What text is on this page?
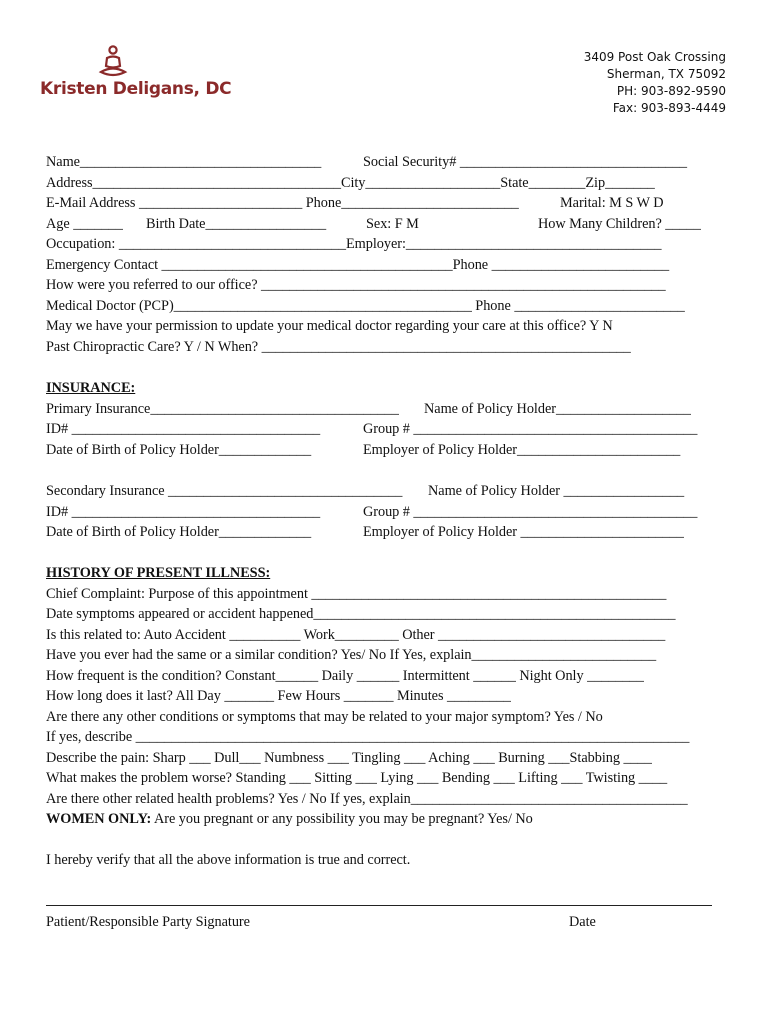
Kristen Deligans, DC
3409 Post Oak Crossing
Sherman, TX 75092
PH: 903-892-9590
Fax: 903-893-4449
Name__________________________________	Social Security# ________________________________
Address___________________________________City___________________State________Zip_______
E-Mail Address _______________________ Phone_________________________	Marital: M S W D
Age _______ Birth Date_________________	Sex: F M	How Many Children? _____
Occupation: ________________________________Employer:____________________________________
Emergency Contact _________________________________________Phone _________________________
How were you referred to our office? _________________________________________________________
Medical Doctor (PCP)__________________________________________ Phone ________________________
May we have your permission to update your medical doctor regarding your care at this office? Y N
Past Chiropractic Care? Y / N When? ____________________________________________________
INSURANCE:
Primary Insurance___________________________________ Name of Policy Holder___________________
ID# ___________________________________	Group # ________________________________________
Date of Birth of Policy Holder_____________	Employer of Policy Holder_______________________
Secondary Insurance _________________________________ Name of Policy Holder _________________
ID# ___________________________________	Group # ________________________________________
Date of Birth of Policy Holder_____________	Employer of Policy Holder _______________________
HISTORY OF PRESENT ILLNESS:
Chief Complaint: Purpose of this appointment __________________________________________________
Date symptoms appeared or accident happened___________________________________________________
Is this related to: Auto Accident __________ Work_________ Other ________________________________
Have you ever had the same or a similar condition? Yes/ No If Yes, explain__________________________
How frequent is the condition? Constant______ Daily ______ Intermittent ______ Night Only ________
How long does it last? All Day _______ Few Hours _______ Minutes _________
Are there any other conditions or symptoms that may be related to your major symptom? Yes / No
If yes, describe ______________________________________________________________________________
Describe the pain: Sharp ___ Dull___ Numbness ___ Tingling ___ Aching ___ Burning ___Stabbing ____
What makes the problem worse? Standing ___ Sitting ___ Lying ___ Bending ___ Lifting ___ Twisting ____
Are there other related health problems? Yes / No If yes, explain_______________________________________
WOMEN ONLY: Are you pregnant or any possibility you may be pregnant? Yes/ No
I hereby verify that all the above information is true and correct.
Patient/Responsible Party Signature	Date
